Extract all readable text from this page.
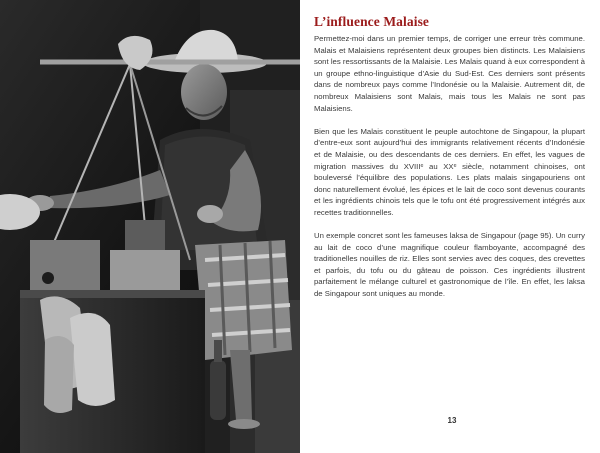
L’influence Malaise

Permettez-moi dans un premier temps, de corriger une erreur très commune. Malais et Malaisiens représentent deux groupes bien distincts. Les Malaisiens sont les ressortissants de la Malaisie. Les Malais quand à eux correspondent à un groupe ethno-linguistique d’Asie du Sud-Est. Ces derniers sont présents dans de nombreux pays comme l’Indonésie ou la Malaisie. Autrement dit, de nombreux Malaisiens sont Malais, mais tous les Malais ne sont pas Malaisiens.

Bien que les Malais constituent le peuple autochtone de Singapour, la plupart d’entre-eux sont aujourd’hui des immigrants relativement récents d’Indonésie et de Malaisie, ou des descendants de ces derniers. En effet, les vagues de migration massives du XVIIIᵉ au XXᵉ siècle, notamment chinoises, ont bouleversé l’équilibre des populations. Les plats malais singapouriens ont donc naturellement évolué, les épices et le lait de coco sont devenus courants et les ingrédients chinois tels que le tofu ont été progressivement intégrés aux recettes traditionnelles.

Un exemple concret sont les fameuses laksa de Singapour (page 95). Un curry au lait de coco d’une magnifique couleur flamboyante, accompagné des traditionelles nouilles de riz. Elles sont servies avec des coques, des crevettes et parfois, du tofu ou du gâteau de poisson. Ces ingrédients illustrent parfaitement le mélange culturel et gastronomique de l’île. En effet, les laksa de Singapour sont uniques au monde.

13
